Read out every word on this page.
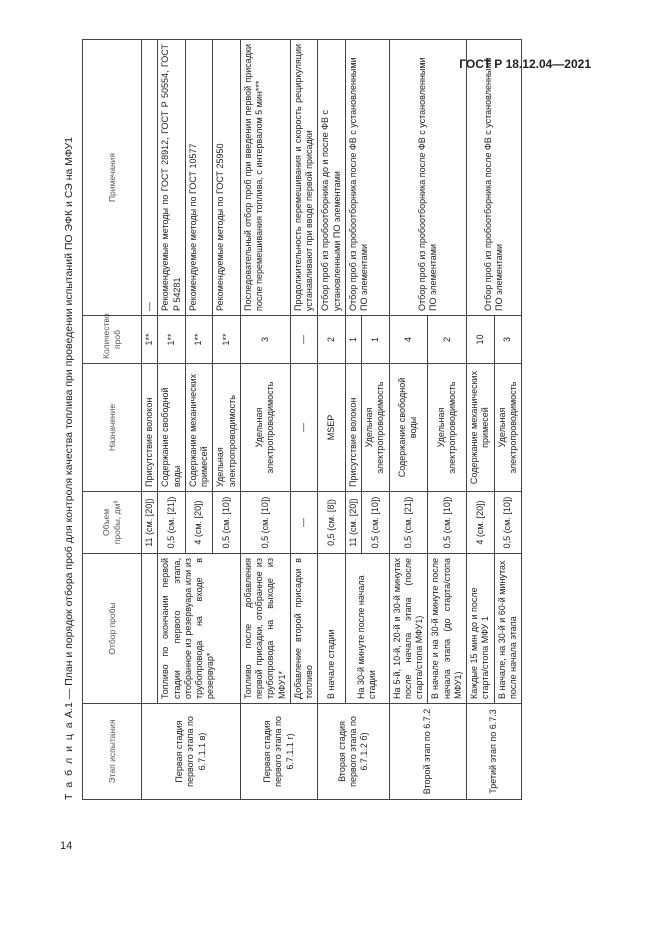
ГОСТ Р 18.12.04—2021
14
Т а б л и ц а А.1 — План и порядок отбора проб для контроля качества топлива при проведении испытаний ПО ЭФК и СЭ на МФУ1
Этап испытания	Отбор пробы	Объем пробы, дм³	Назначение	Количество проб	Примечания
Первая стадия первого этапа по 6.7.1.1 в)		11 (см. [20])	Присутствие волокон	1**	—
	Топливо по окончании первой стадии первого этапа, отобранное из резервуара или из трубопровода на входе в резервуар*	0,5 (см. [21])	Содержание свободной воды	1**	Рекомендуемые методы по ГОСТ 28912, ГОСТ Р 50554, ГОСТ Р 54281
		4 (см. [20])	Содержание механических примесей	1**	Рекомендуемые методы по ГОСТ 10577
		0,5 (см. [10])	Удельная электропроводимость	1**	Рекомендуемые методы по ГОСТ 25950
Первая стадия первого этапа по 6.7.1.1 г)	Топливо после добавления первой присадки, отобранное из трубопровода на выходе из МФУ1*	0,5 (см. [10])	Удельная электропроводимость	3	Последовательный отбор проб при введении первой присадки после перемешивания топлива, с интервалом 5 мин***
	Добавление второй присадки в топливо	—	—	—	Продолжительность перемешивания и скорость рециркуляции устанавливают при вводе первой присадки
Вторая стадия первого этапа по 6.7.1.2 б)	В начале стадии	0,5 (см. [8])	MSEP	2	Отбор проб из пробоотборника до и после ФВ с установленными ПО элементами
	На 30-й минуте после начала стадии	11 (см. [20])	Присутствие волокон	1	Отбор проб из пробоотборника после ФВ с установленными ПО элементами
		0,5 (см. [10])	Удельная электропроводимость	1	
Второй этап по 6.7.2	На 5-й, 10-й, 20-й и 30-й минутах после начала этапа (после старта/стопа МФУ1)	0,5 (см. [21])	Содержание свободной воды	4	Отбор проб из пробоотборника после ФВ с установленными ПО элементами
	В начале и на 30-й минуте после начала этапа (до старта/стопа МФУ1)	0,5 (см. [10])	Удельная электропроводимость	2	
Третий этап по 6.7.3	Каждые 15 мин до и после старта/стопа МФУ 1	4 (см. [20])	Содержание механических примесей	10	Отбор проб из пробоотборника после ФВ с установленными ПО элементами
	В начале, на 30-й и 60-й минутах после начала этапа	0,5 (см. [10])	Удельная электропроводимость	3	
